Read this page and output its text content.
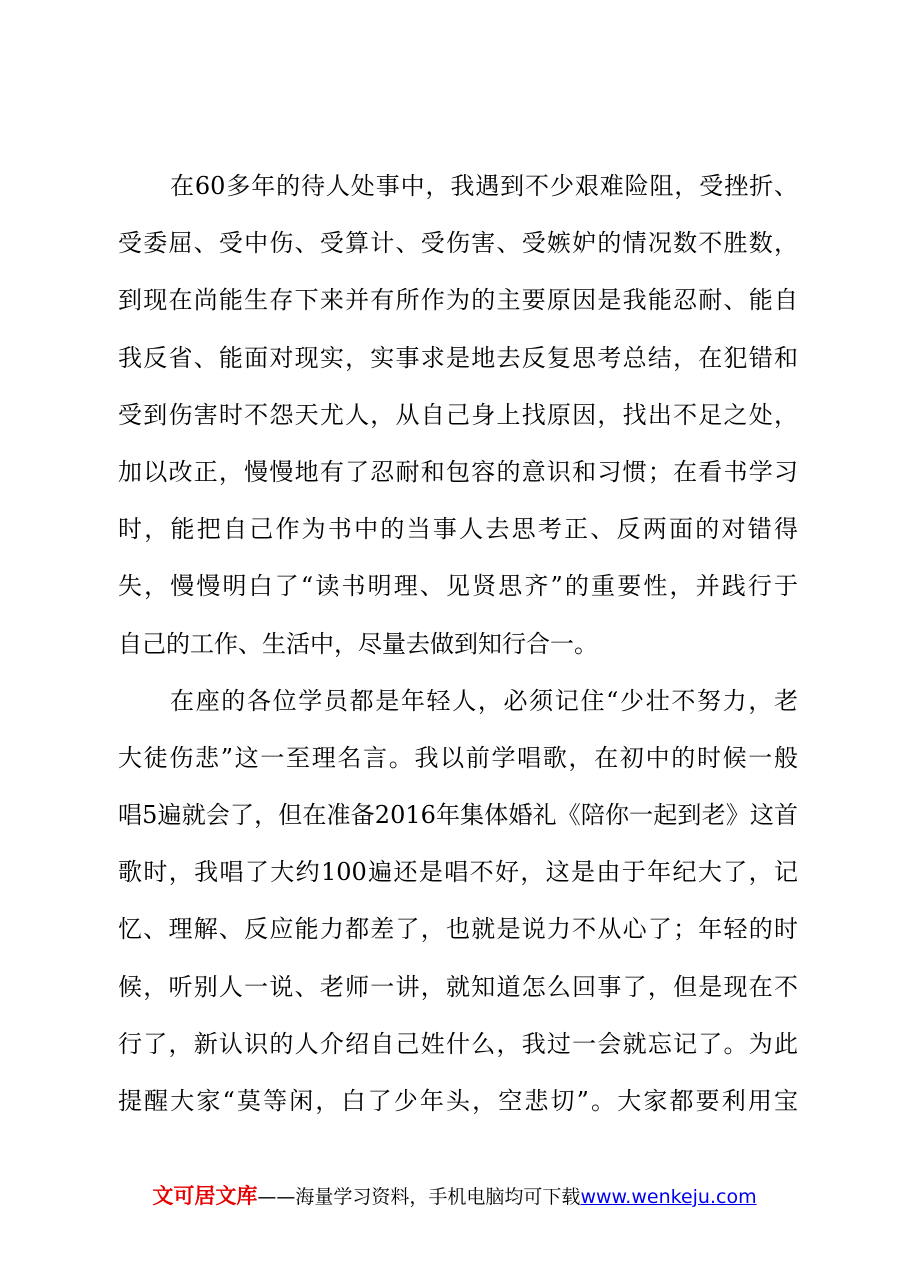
在60多年的待人处事中，我遇到不少艰难险阻，受挫折、
受委屈、受中伤、受算计、受伤害、受嫉妒的情况数不胜数，
到现在尚能生存下来并有所作为的主要原因是我能忍耐、能自
我反省、能面对现实，实事求是地去反复思考总结，在犯错和
受到伤害时不怨天尤人，从自己身上找原因，找出不足之处，
加以改正，慢慢地有了忍耐和包容的意识和习惯；在看书学习
时，能把自己作为书中的当事人去思考正、反两面的对错得
失，慢慢明白了“读书明理、见贤思齐”的重要性，并践行于
自己的工作、生活中，尽量去做到知行合一。
在座的各位学员都是年轻人，必须记住“少壮不努力，老
大徒伤悲”这一至理名言。我以前学唱歌，在初中的时候一般
唱5遍就会了，但在准备2016年集体婚礼《陪你一起到老》这首
歌时，我唱了大约100遍还是唱不好，这是由于年纪大了，记
忆、理解、反应能力都差了，也就是说力不从心了；年轻的时
候，听别人一说、老师一讲，就知道怎么回事了，但是现在不
行了，新认识的人介绍自己姓什么，我过一会就忘记了。为此
提醒大家“莫等闲，白了少年头，空悲切”。大家都要利用宝
文可居文库——海量学习资料，手机电脑均可下载www.wenkeju.com
